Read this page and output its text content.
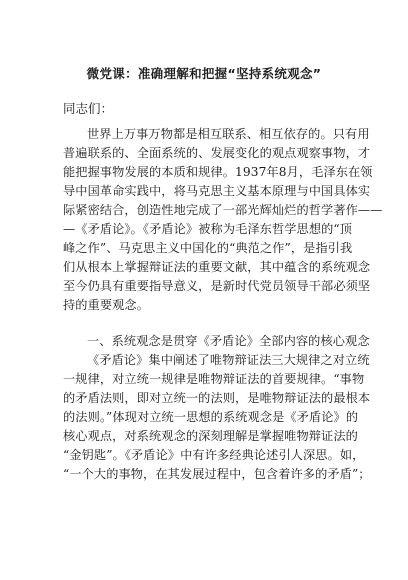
微党课：准确理解和把握“坚持系统观念”
同志们：
世界上万事万物都是相互联系、相互依存的。只有用
普遍联系的、全面系统的、发展变化的观点观察事物，才
能把握事物发展的本质和规律。1937年8月，毛泽东在领
导中国革命实践中，将马克思主义基本原理与中国具体实
际紧密结合，创造性地完成了一部光辉灿烂的哲学著作——
—《矛盾论》。《矛盾论》被称为毛泽东哲学思想的“顶
峰之作”、马克思主义中国化的“典范之作”，是指引我
们从根本上掌握辩证法的重要文献，其中蕴含的系统观念
至今仍具有重要指导意义，是新时代党员领导干部必须坚
持的重要观念。
一、系统观念是贯穿《矛盾论》全部内容的核心观念
《矛盾论》集中阐述了唯物辩证法三大规律之对立统
一规律，对立统一规律是唯物辩证法的首要规律。“事物
的矛盾法则，即对立统一的法则，是唯物辩证法的最根本
的法则。”体现对立统一思想的系统观念是《矛盾论》的
核心观点，对系统观念的深刻理解是掌握唯物辩证法的
“金钥匙”。《矛盾论》中有许多经典论述引人深思。如，
“一个大的事物，在其发展过程中，包含着许多的矛盾”；
